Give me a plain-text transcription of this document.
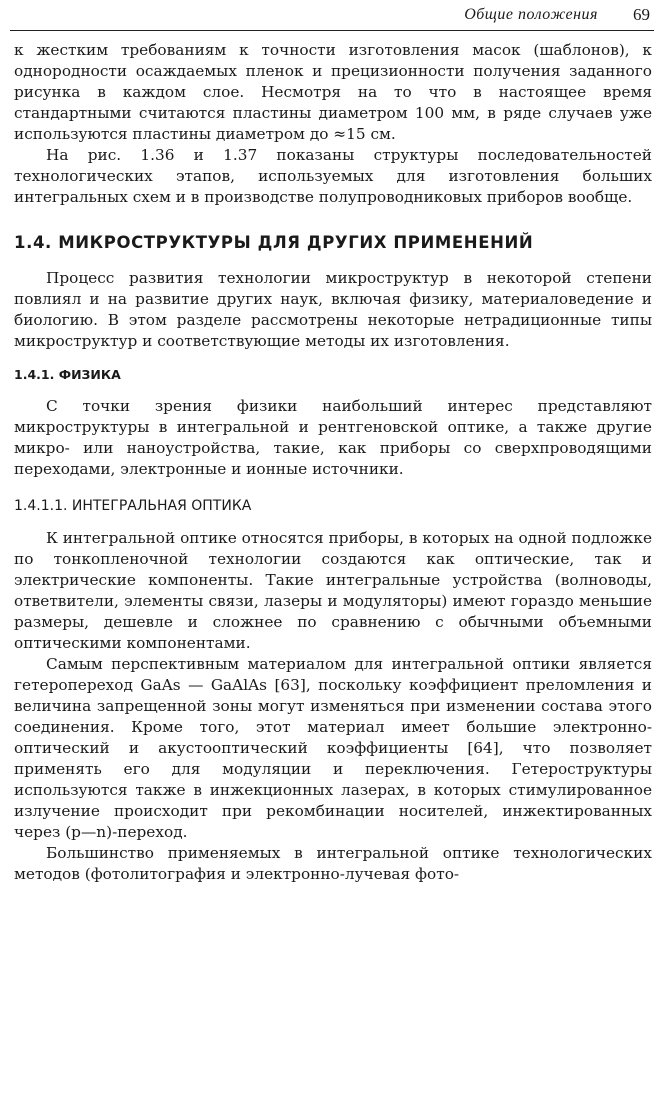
Общие положения 69

к жестким требованиям к точности изготовления масок (шаблонов), к однородности осаждаемых пленок и прецизионности получения заданного рисунка в каждом слое. Несмотря на то что в настоящее время стандартными считаются пластины диаметром 100 мм, в ряде случаев уже используются пластины диаметром до ≈15 см.

На рис. 1.36 и 1.37 показаны структуры последовательностей технологических этапов, используемых для изготовления больших интегральных схем и в производстве полупроводниковых приборов вообще.

1.4. МИКРОСТРУКТУРЫ ДЛЯ ДРУГИХ ПРИМЕНЕНИЙ

Процесс развития технологии микроструктур в некоторой степени повлиял и на развитие других наук, включая физику, материаловедение и биологию. В этом разделе рассмотрены некоторые нетрадиционные типы микроструктур и соответствующие методы их изготовления.

1.4.1. ФИЗИКА

С точки зрения физики наибольший интерес представляют микроструктуры в интегральной и рентгеновской оптике, а также другие микро- или наноустройства, такие, как приборы со сверхпроводящими переходами, электронные и ионные источники.

1.4.1.1. ИНТЕГРАЛЬНАЯ ОПТИКА

К интегральной оптике относятся приборы, в которых на одной подложке по тонкопленочной технологии создаются как оптические, так и электрические компоненты. Такие интегральные устройства (волноводы, ответвители, элементы связи, лазеры и модуляторы) имеют гораздо меньшие размеры, дешевле и сложнее по сравнению с обычными объемными оптическими компонентами.

Самым перспективным материалом для интегральной оптики является гетеропереход GaAs — GaAlAs [63], поскольку коэффициент преломления и величина запрещенной зоны могут изменяться при изменении состава этого соединения. Кроме того, этот материал имеет большие электронно-оптический и акустооптический коэффициенты [64], что позволяет применять его для модуляции и переключения. Гетероструктуры используются также в инжекционных лазерах, в которых стимулированное излучение происходит при рекомбинации носителей, инжектированных через (p—n)-переход.

Большинство применяемых в интегральной оптике технологических методов (фотолитография и электронно-лучевая фото-
